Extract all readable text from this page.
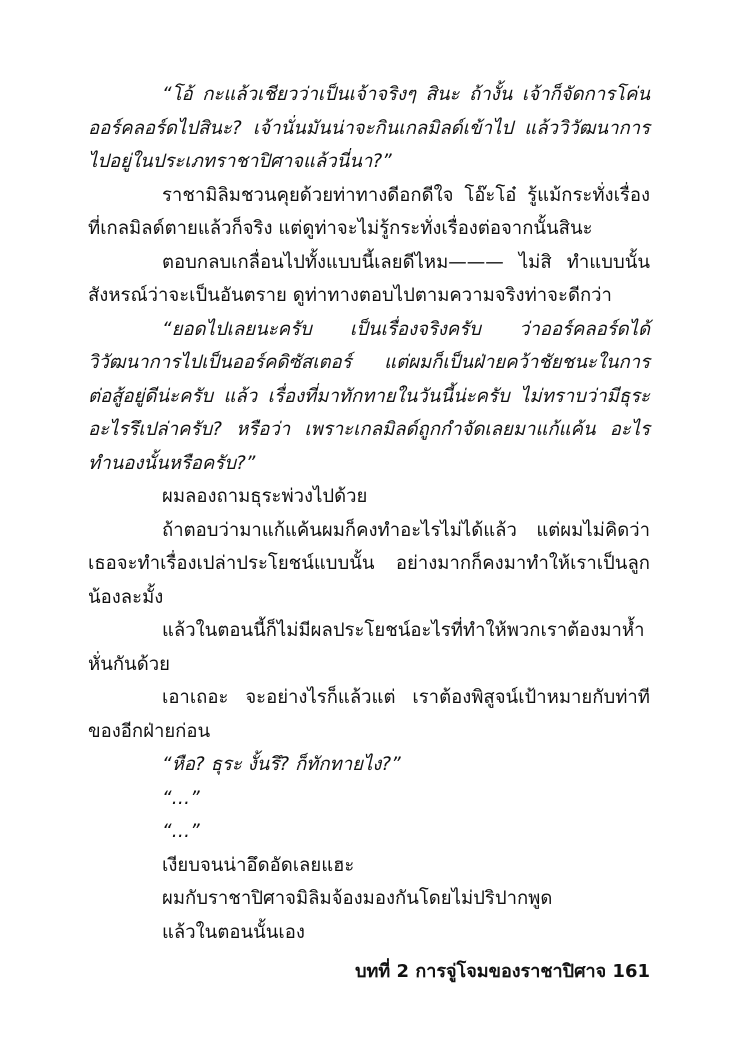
“โอ้ กะแล้วเชียวว่าเป็นเจ้าจริงๆ สินะ ถ้างั้น เจ้าก็จัดการโค่นออร์คลอร์ดไปสินะ? เจ้านั่นมันน่าจะกินเกลมิลด์เข้าไป แล้ววิวัฒนาการไปอยู่ในประเภทราชาปิศาจแล้วนี่นา?”

ราชามิลิมชวนคุยด้วยท่าทางดีอกดีใจ โอ๊ะโอ๋ รู้แม้กระทั่งเรื่องที่เกลมิลด์ตายแล้วก็จริง แต่ดูท่าจะไม่รู้กระทั่งเรื่องต่อจากนั้นสินะ

ตอบกลบเกลื่อนไปทั้งแบบนี้เลยดีไหม——— ไม่สิ ทำแบบนั้นสังหรณ์ว่าจะเป็นอันตราย ดูท่าทางตอบไปตามความจริงท่าจะดีกว่า

“ยอดไปเลยนะครับ เป็นเรื่องจริงครับ ว่าออร์คลอร์ดได้วิวัฒนาการไปเป็นออร์คดิซัสเตอร์ แต่ผมก็เป็นฝ่ายคว้าชัยชนะในการต่อสู้อยู่ดีน่ะครับ แล้ว เรื่องที่มาทักทายในวันนี้น่ะครับ ไม่ทราบว่ามีธุระอะไรรึเปล่าครับ? หรือว่า เพราะเกลมิลด์ถูกกำจัดเลยมาแก้แค้น อะไรทำนองนั้นหรือครับ?”

ผมลองถามธุระพ่วงไปด้วย

ถ้าตอบว่ามาแก้แค้นผมก็คงทำอะไรไม่ได้แล้ว แต่ผมไม่คิดว่าเธอจะทำเรื่องเปล่าประโยชน์แบบนั้น อย่างมากก็คงมาทำให้เราเป็นลูกน้องละมั้ง

แล้วในตอนนี้ก็ไม่มีผลประโยชน์อะไรที่ทำให้พวกเราต้องมาห้ำหั่นกันด้วย

เอาเถอะ จะอย่างไรก็แล้วแต่ เราต้องพิสูจน์เป้าหมายกับท่าทีของอีกฝ่ายก่อน

“หือ? ธุระ งั้นรึ? ก็ทักทายไง?”

“…”

“…”

เงียบจนน่าอึดอัดเลยแฮะ

ผมกับราชาปิศาจมิลิมจ้องมองกันโดยไม่ปริปากพูด

แล้วในตอนนั้นเอง

บทที่ 2 การจู่โจมของราชาปิศาจ 161
